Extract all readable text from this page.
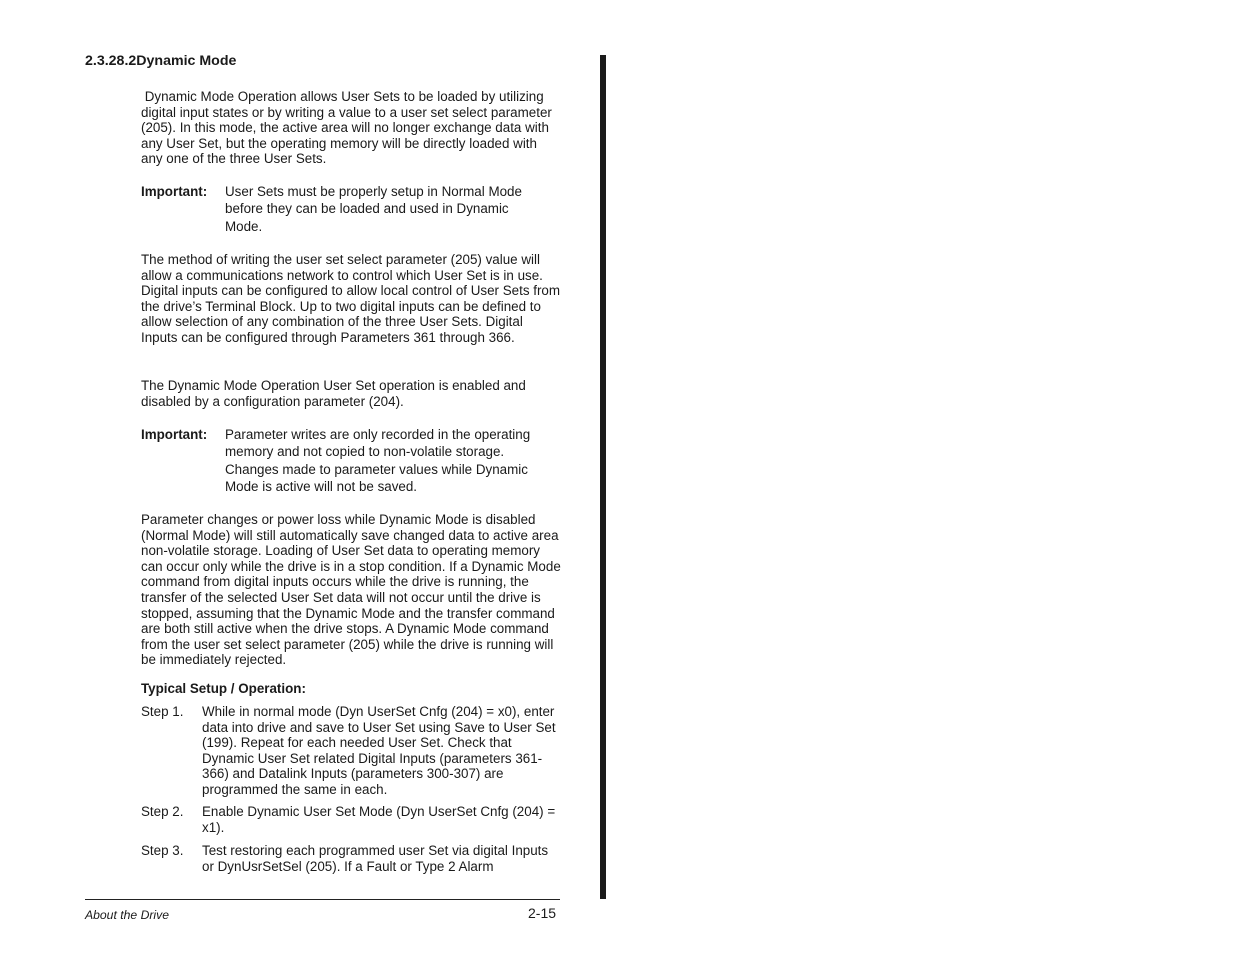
2.3.28.2Dynamic Mode

Dynamic Mode Operation allows User Sets to be loaded by utilizing digital input states or by writing a value to a user set select parameter (205). In this mode, the active area will no longer exchange data with any User Set, but the operating memory will be directly loaded with any one of the three User Sets.

Important:	User Sets must be properly setup in Normal Mode before they can be loaded and used in Dynamic Mode.

The method of writing the user set select parameter (205) value will allow a communications network to control which User Set is in use. Digital inputs can be configured to allow local control of User Sets from the drive’s Terminal Block. Up to two digital inputs can be defined to allow selection of any combination of the three User Sets. Digital Inputs can be configured through Parameters 361 through 366.

The Dynamic Mode Operation User Set operation is enabled and disabled by a configuration parameter (204).

Important:	Parameter writes are only recorded in the operating memory and not copied to non-volatile storage. Changes made to parameter values while Dynamic Mode is active will not be saved.

Parameter changes or power loss while Dynamic Mode is disabled (Normal Mode) will still automatically save changed data to active area non-volatile storage. Loading of User Set data to operating memory can occur only while the drive is in a stop condition. If a Dynamic Mode command from digital inputs occurs while the drive is running, the transfer of the selected User Set data will not occur until the drive is stopped, assuming that the Dynamic Mode and the transfer command are both still active when the drive stops. A Dynamic Mode command from the user set select parameter (205) while the drive is running will be immediately rejected.

Typical Setup / Operation:
Step 1.	While in normal mode (Dyn UserSet Cnfg (204) = x0), enter data into drive and save to User Set using Save to User Set (199). Repeat for each needed User Set. Check that Dynamic User Set related Digital Inputs (parameters 361-366) and Datalink Inputs (parameters 300-307) are programmed the same in each.
Step 2.	Enable Dynamic User Set Mode (Dyn UserSet Cnfg (204) = x1).
Step 3.	Test restoring each programmed user Set via digital Inputs or DynUsrSetSel (205). If a Fault or Type 2 Alarm
About the Drive	2-15
